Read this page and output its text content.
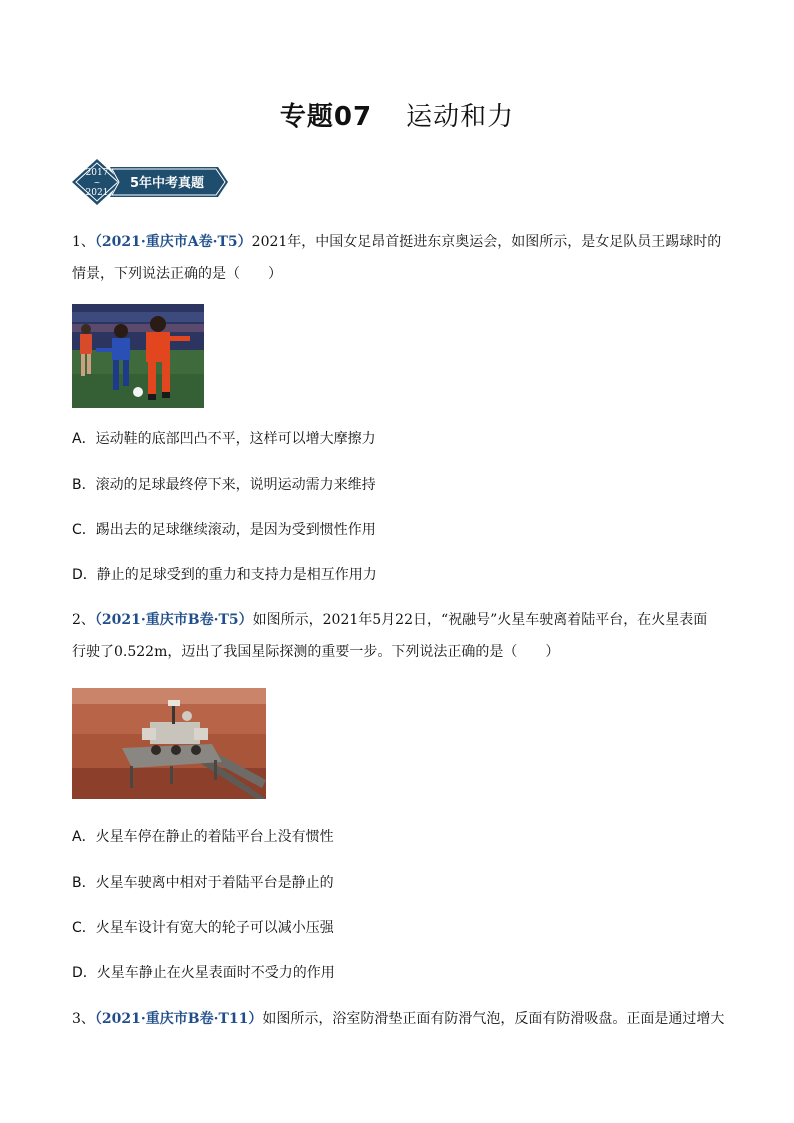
专题07 运动和力
2017
~
2021
5年中考真题
1、（2021·重庆市A卷·T5）2021年，中国女足昂首挺进东京奥运会，如图所示，是女足队员王踢球时的
情景，下列说法正确的是（　　）
A．运动鞋的底部凹凸不平，这样可以增大摩擦力
B．滚动的足球最终停下来，说明运动需力来维持
C．踢出去的足球继续滚动，是因为受到惯性作用
D．静止的足球受到的重力和支持力是相互作用力
2、（2021·重庆市B卷·T5）如图所示，2021年5月22日，“祝融号”火星车驶离着陆平台，在火星表面
行驶了0.522m，迈出了我国星际探测的重要一步。下列说法正确的是（　　）
A．火星车停在静止的着陆平台上没有惯性
B．火星车驶离中相对于着陆平台是静止的
C．火星车设计有宽大的轮子可以减小压强
D．火星车静止在火星表面时不受力的作用
3、（2021·重庆市B卷·T11）如图所示，浴室防滑垫正面有防滑气泡，反面有防滑吸盘。正面是通过增大
